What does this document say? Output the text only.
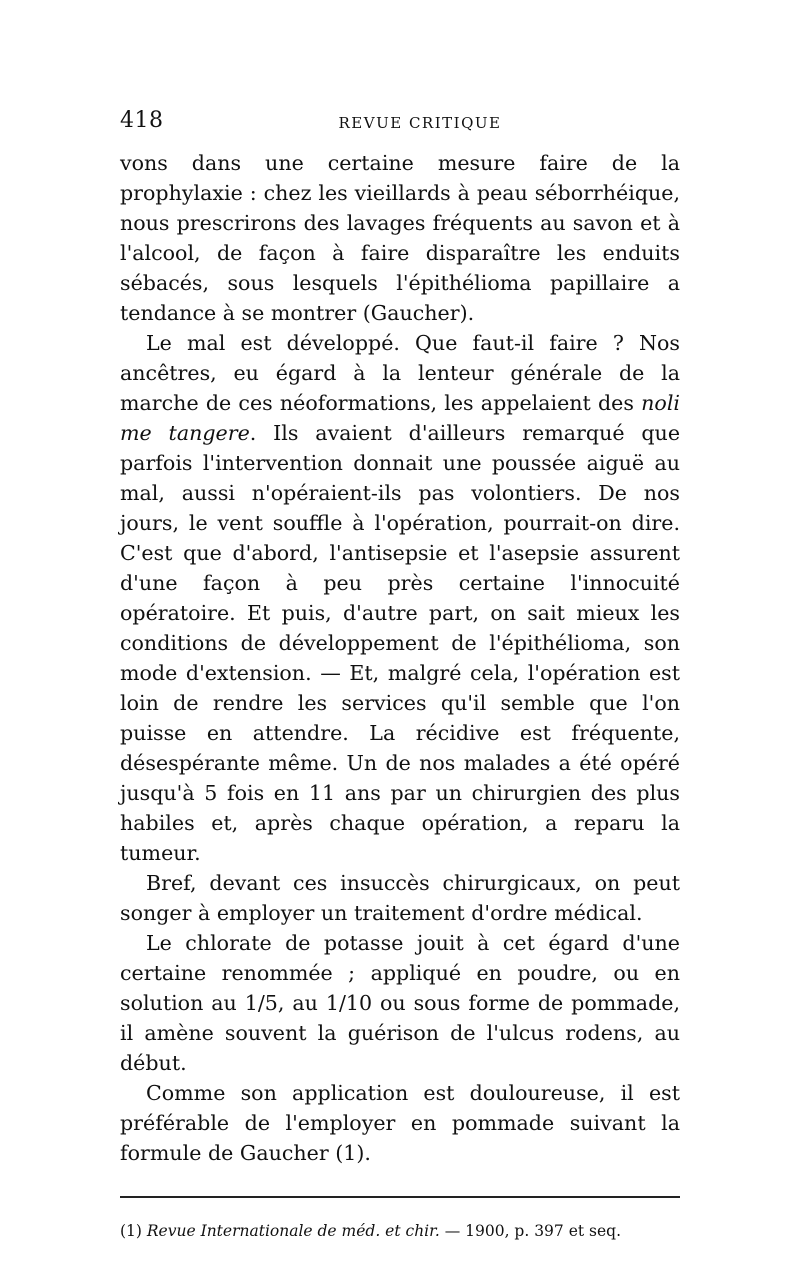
418	REVUE CRITIQUE

vons dans une certaine mesure faire de la prophylaxie : chez les vieillards à peau séborrhéique, nous prescrirons des lavages fréquents au savon et à l'alcool, de façon à faire disparaître les enduits sébacés, sous lesquels l'épithélioma papillaire a tendance à se montrer (Gaucher).

Le mal est développé. Que faut-il faire ? Nos ancêtres, eu égard à la lenteur générale de la marche de ces néoformations, les appelaient des noli me tangere. Ils avaient d'ailleurs remarqué que parfois l'intervention donnait une poussée aiguë au mal, aussi n'opéraient-ils pas volontiers. De nos jours, le vent souffle à l'opération, pourrait-on dire. C'est que d'abord, l'antisepsie et l'asepsie assurent d'une façon à peu près certaine l'innocuité opératoire. Et puis, d'autre part, on sait mieux les conditions de développement de l'épithélioma, son mode d'extension. — Et, malgré cela, l'opération est loin de rendre les services qu'il semble que l'on puisse en attendre. La récidive est fréquente, désespérante même. Un de nos malades a été opéré jusqu'à 5 fois en 11 ans par un chirurgien des plus habiles et, après chaque opération, a reparu la tumeur.

Bref, devant ces insuccès chirurgicaux, on peut songer à employer un traitement d'ordre médical.

Le chlorate de potasse jouit à cet égard d'une certaine renommée ; appliqué en poudre, ou en solution au 1/5, au 1/10 ou sous forme de pommade, il amène souvent la guérison de l'ulcus rodens, au début.

Comme son application est douloureuse, il est préférable de l'employer en pommade suivant la formule de Gaucher (1).

(1) Revue Internationale de méd. et chir. — 1900, p. 397 et seq.
